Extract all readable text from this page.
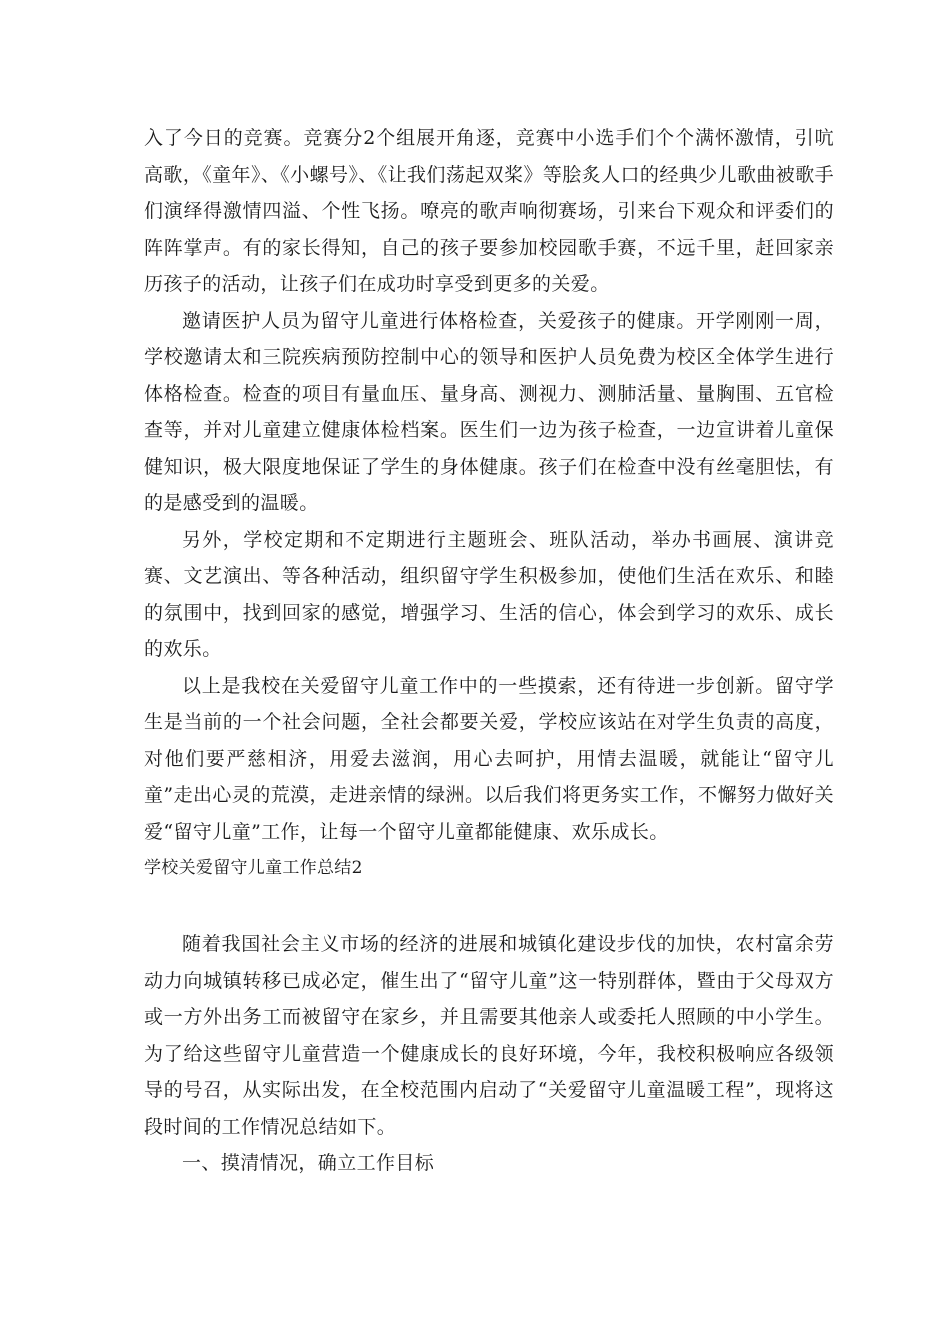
入了今日的竞赛。竞赛分2个组展开角逐，竞赛中小选手们个个满怀激情，引吭高歌，《童年》、《小螺号》、《让我们荡起双桨》等脍炙人口的经典少儿歌曲被歌手们演绎得激情四溢、个性飞扬。嘹亮的歌声响彻赛场，引来台下观众和评委们的阵阵掌声。有的家长得知，自己的孩子要参加校园歌手赛，不远千里，赶回家亲历孩子的活动，让孩子们在成功时享受到更多的关爱。

邀请医护人员为留守儿童进行体格检查，关爱孩子的健康。开学刚刚一周，学校邀请太和三院疾病预防控制中心的领导和医护人员免费为校区全体学生进行体格检查。检查的项目有量血压、量身高、测视力、测肺活量、量胸围、五官检查等，并对儿童建立健康体检档案。医生们一边为孩子检查，一边宣讲着儿童保健知识，极大限度地保证了学生的身体健康。孩子们在检查中没有丝毫胆怯，有的是感受到的温暖。

另外，学校定期和不定期进行主题班会、班队活动，举办书画展、演讲竞赛、文艺演出、等各种活动，组织留守学生积极参加，使他们生活在欢乐、和睦的氛围中，找到回家的感觉，增强学习、生活的信心，体会到学习的欢乐、成长的欢乐。

以上是我校在关爱留守儿童工作中的一些摸索，还有待进一步创新。留守学生是当前的一个社会问题，全社会都要关爱，学校应该站在对学生负责的高度，对他们要严慈相济，用爱去滋润，用心去呵护，用情去温暖，就能让“留守儿童”走出心灵的荒漠，走进亲情的绿洲。以后我们将更务实工作，不懈努力做好关爱“留守儿童”工作，让每一个留守儿童都能健康、欢乐成长。

学校关爱留守儿童工作总结2

随着我国社会主义市场的经济的进展和城镇化建设步伐的加快，农村富余劳动力向城镇转移已成必定，催生出了“留守儿童”这一特别群体，暨由于父母双方或一方外出务工而被留守在家乡，并且需要其他亲人或委托人照顾的中小学生。为了给这些留守儿童营造一个健康成长的良好环境，今年，我校积极响应各级领导的号召，从实际出发，在全校范围内启动了“关爱留守儿童温暖工程”，现将这段时间的工作情况总结如下。

一、摸清情况，确立工作目标
